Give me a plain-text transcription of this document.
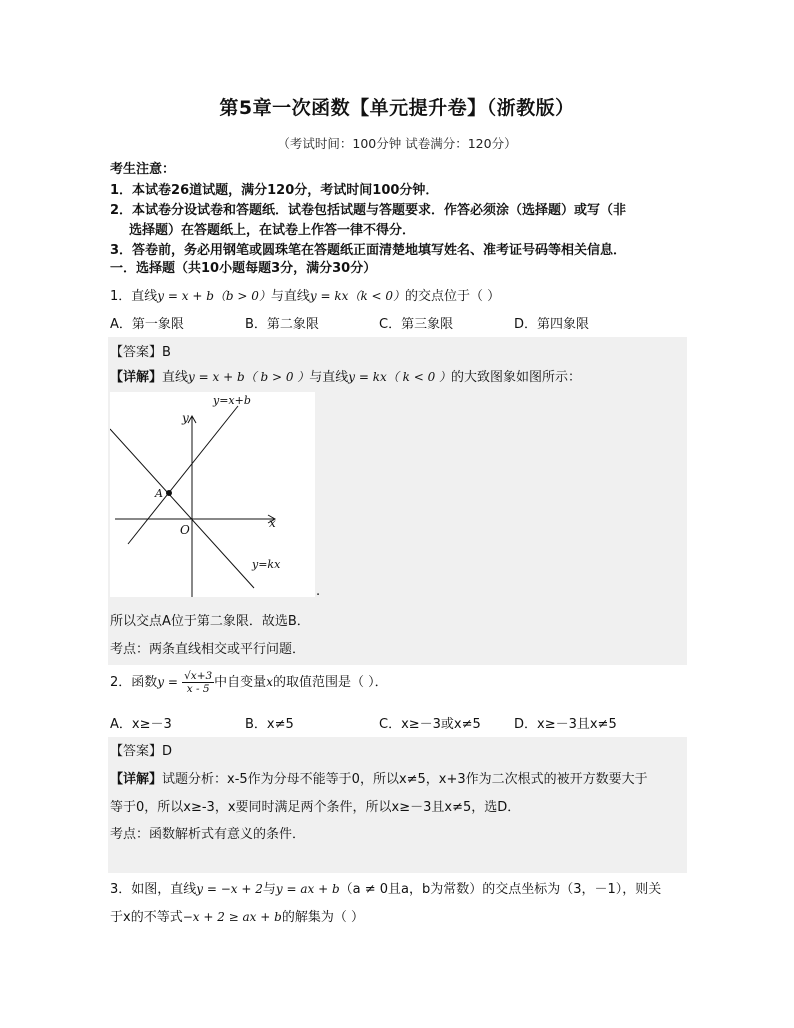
第5章一次函数【单元提升卷】（浙教版）
（考试时间：100分钟 试卷满分：120分）
考生注意：
1．本试卷26道试题，满分120分，考试时间100分钟．
2．本试卷分设试卷和答题纸．试卷包括试题与答题要求．作答必须涂（选择题）或写（非
选择题）在答题纸上，在试卷上作答一律不得分．
3．答卷前，务必用钢笔或圆珠笔在答题纸正面清楚地填写姓名、准考证号码等相关信息．
一．选择题（共10小题每题3分，满分30分）
1．直线y = x + b（b > 0）与直线y = kx（k < 0）的交点位于（ ）
A．第一象限	B．第二象限	C．第三象限	D．第四象限
【答案】B
【详解】直线y = x + b（ b > 0 ）与直线y = kx（ k < 0 ）的大致图象如图所示：
y=x+b
y
x
O
A
y=kx
.
所以交点A位于第二象限．故选B．
考点：两条直线相交或平行问题．
2．函数$y = \frac{√x+3}{x - 5}$ 中自变量x的取值范围是（ ）．
A．x≥－3	B．x≠5	C．x≥－3或x≠5	D．x≥－3且x≠5
【答案】D
【详解】试题分析：x-5作为分母不能等于0，所以x≠5，x+3作为二次根式的被开方数要大于
等于0，所以x≥-3，x要同时满足两个条件，所以x≥－3且x≠5，选D．
考点：函数解析式有意义的条件．
3．如图，直线y = −x + 2与y = ax + b（a ≠ 0且a，b为常数）的交点坐标为（3，－1），则关
于x的不等式−x + 2 ≥ ax + b的解集为（ ）
